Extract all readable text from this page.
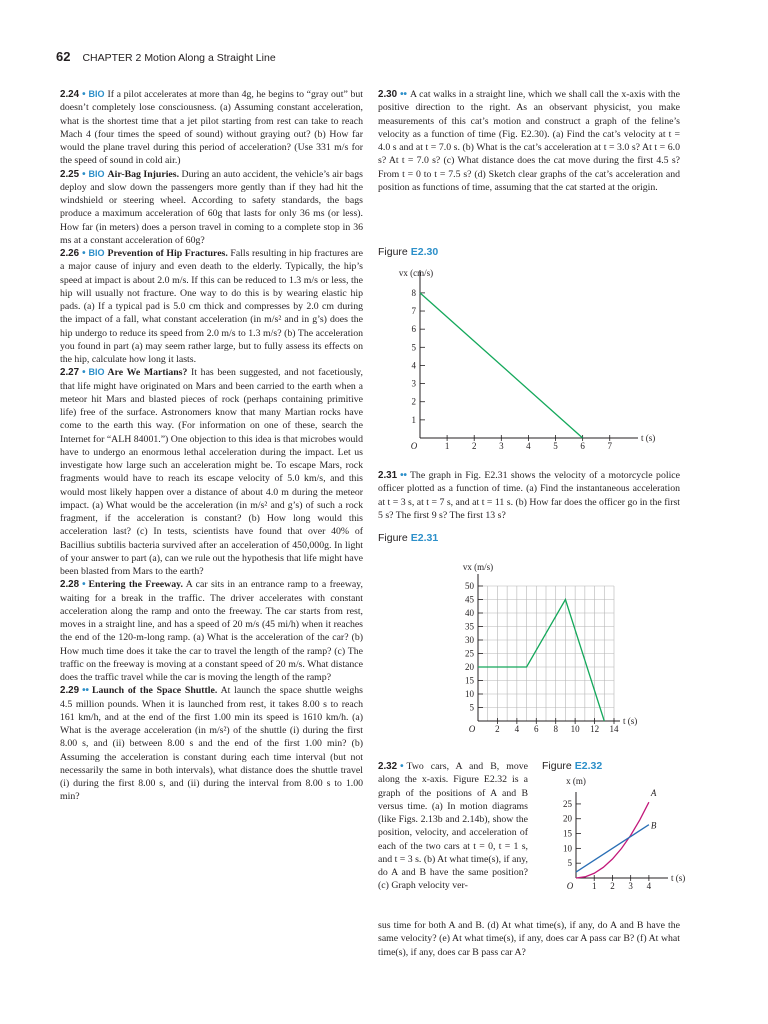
62 CHAPTER 2 Motion Along a Straight Line

2.24 • BIO If a pilot accelerates at more than 4g, he begins to “gray out” but doesn’t completely lose consciousness. (a) Assuming constant acceleration, what is the shortest time that a jet pilot starting from rest can take to reach Mach 4 (four times the speed of sound) without graying out? (b) How far would the plane travel during this period of acceleration? (Use 331 m/s for the speed of sound in cold air.)

2.25 • BIO Air-Bag Injuries. During an auto accident, the vehicle’s air bags deploy and slow down the passengers more gently than if they had hit the windshield or steering wheel. According to safety standards, the bags produce a maximum acceleration of 60g that lasts for only 36 ms (or less). How far (in meters) does a person travel in coming to a complete stop in 36 ms at a constant acceleration of 60g?

2.26 • BIO Prevention of Hip Fractures. Falls resulting in hip fractures are a major cause of injury and even death to the elderly. Typically, the hip’s speed at impact is about 2.0 m/s. If this can be reduced to 1.3 m/s or less, the hip will usually not fracture. One way to do this is by wearing elastic hip pads. (a) If a typical pad is 5.0 cm thick and compresses by 2.0 cm during the impact of a fall, what constant acceleration (in m/s² and in g’s) does the hip undergo to reduce its speed from 2.0 m/s to 1.3 m/s? (b) The acceleration you found in part (a) may seem rather large, but to fully assess its effects on the hip, calculate how long it lasts.

2.27 • BIO Are We Martians? It has been suggested, and not facetiously, that life might have originated on Mars and been carried to the earth when a meteor hit Mars and blasted pieces of rock (perhaps containing primitive life) free of the surface. Astronomers know that many Martian rocks have come to the earth this way. (For information on one of these, search the Internet for “ALH 84001.”) One objection to this idea is that microbes would have to undergo an enormous lethal acceleration during the impact. Let us investigate how large such an acceleration might be. To escape Mars, rock fragments would have to reach its escape velocity of 5.0 km/s, and this would most likely happen over a distance of about 4.0 m during the meteor impact. (a) What would be the acceleration (in m/s² and g’s) of such a rock fragment, if the acceleration is constant? (b) How long would this acceleration last? (c) In tests, scientists have found that over 40% of Bacillius subtilis bacteria survived after an acceleration of 450,000g. In light of your answer to part (a), can we rule out the hypothesis that life might have been blasted from Mars to the earth?

2.28 • Entering the Freeway. A car sits in an entrance ramp to a freeway, waiting for a break in the traffic. The driver accelerates with constant acceleration along the ramp and onto the freeway. The car starts from rest, moves in a straight line, and has a speed of 20 m/s (45 mi/h) when it reaches the end of the 120-m-long ramp. (a) What is the acceleration of the car? (b) How much time does it take the car to travel the length of the ramp? (c) The traffic on the freeway is moving at a constant speed of 20 m/s. What distance does the traffic travel while the car is moving the length of the ramp?

2.29 •• Launch of the Space Shuttle. At launch the space shuttle weighs 4.5 million pounds. When it is launched from rest, it takes 8.00 s to reach 161 km/h, and at the end of the first 1.00 min its speed is 1610 km/h. (a) What is the average acceleration (in m/s²) of the shuttle (i) during the first 8.00 s, and (ii) between 8.00 s and the end of the first 1.00 min? (b) Assuming the acceleration is constant during each time interval (but not necessarily the same in both intervals), what distance does the shuttle travel (i) during the first 8.00 s, and (ii) during the interval from 8.00 s to 1.00 min?

2.30 •• A cat walks in a straight line, which we shall call the x-axis with the positive direction to the right. As an observant physicist, you make measurements of this cat’s motion and construct a graph of the feline’s velocity as a function of time (Fig. E2.30). (a) Find the cat’s velocity at t = 4.0 s and at t = 7.0 s. (b) What is the cat’s acceleration at t = 3.0 s? At t = 6.0 s? At t = 7.0 s? (c) What distance does the cat move during the first 4.5 s? From t = 0 to t = 7.5 s? (d) Sketch clear graphs of the cat’s acceleration and position as functions of time, assuming that the cat started at the origin.

Figure E2.30

1	2	3	4	5	6	7
1
2
3
4
5
6
7
8
O
t (s)
vx (cm/s)

2.31 •• The graph in Fig. E2.31 shows the velocity of a motorcycle police officer plotted as a function of time. (a) Find the instantaneous acceleration at t = 3 s, at t = 7 s, and at t = 11 s. (b) How far does the officer go in the first 5 s? The first 9 s? The first 13 s?

Figure E2.31

2 4 6 8 10 12 14
5
10
15
20
25
30
35
40
45
50
O
t (s)
vx (m/s)
2.32 • Two cars, A and B, move along the x-axis. Figure E2.32 is a graph of the positions of A and B versus time. (a) In motion diagrams (like Figs. 2.13b and 2.14b), show the position, velocity, and acceleration of each of the two cars at t = 0, t = 1 s, and t = 3 s. (b) At what time(s), if any, do A and B have the same position? (c) Graph velocity ver-

Figure E2.32

1 2 3 4
5
10
15
20
25
O
t (s)
x (m)
A
B
sus time for both A and B. (d) At what time(s), if any, do A and B have the same velocity? (e) At what time(s), if any, does car A pass car B? (f) At what time(s), if any, does car B pass car A?
